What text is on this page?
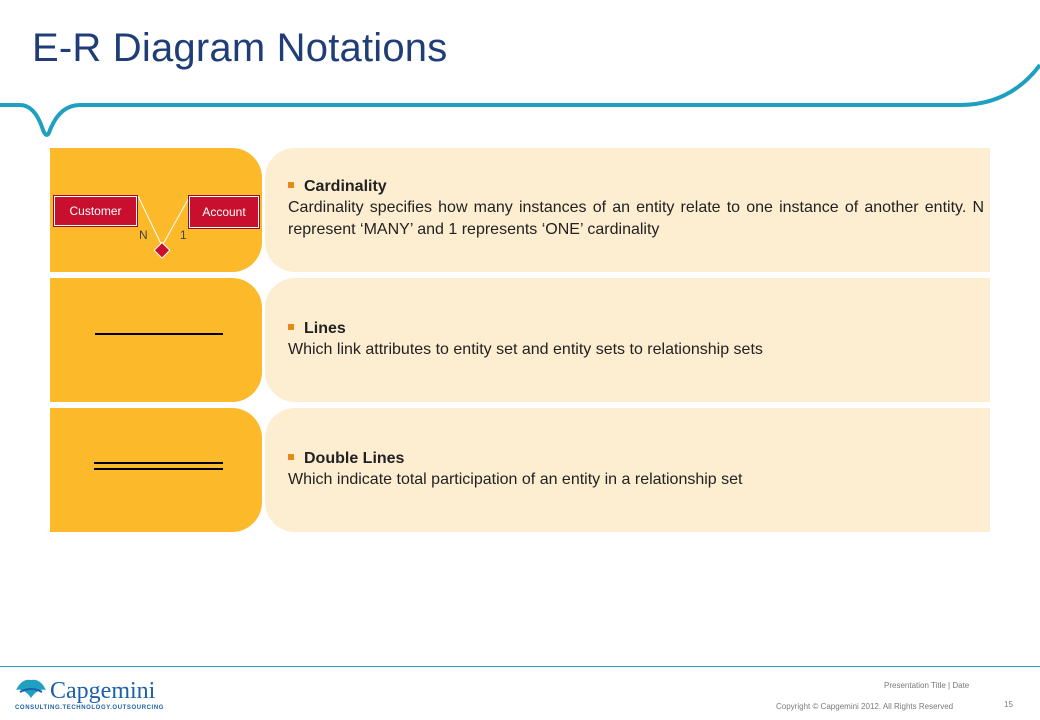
E-R Diagram Notations
Customer	Account
N	1
Cardinality
Cardinality specifies how many instances of an entity relate to one instance of another entity. N represent ‘MANY’ and 1 represents ‘ONE’ cardinality
Lines
Which link attributes to entity set and entity sets to relationship sets
Double Lines
Which indicate total participation of an entity in a relationship set
Capgemini
CONSULTING.TECHNOLOGY.OUTSOURCING
Presentation Title | Date
Copyright © Capgemini 2012. All Rights Reserved	15
